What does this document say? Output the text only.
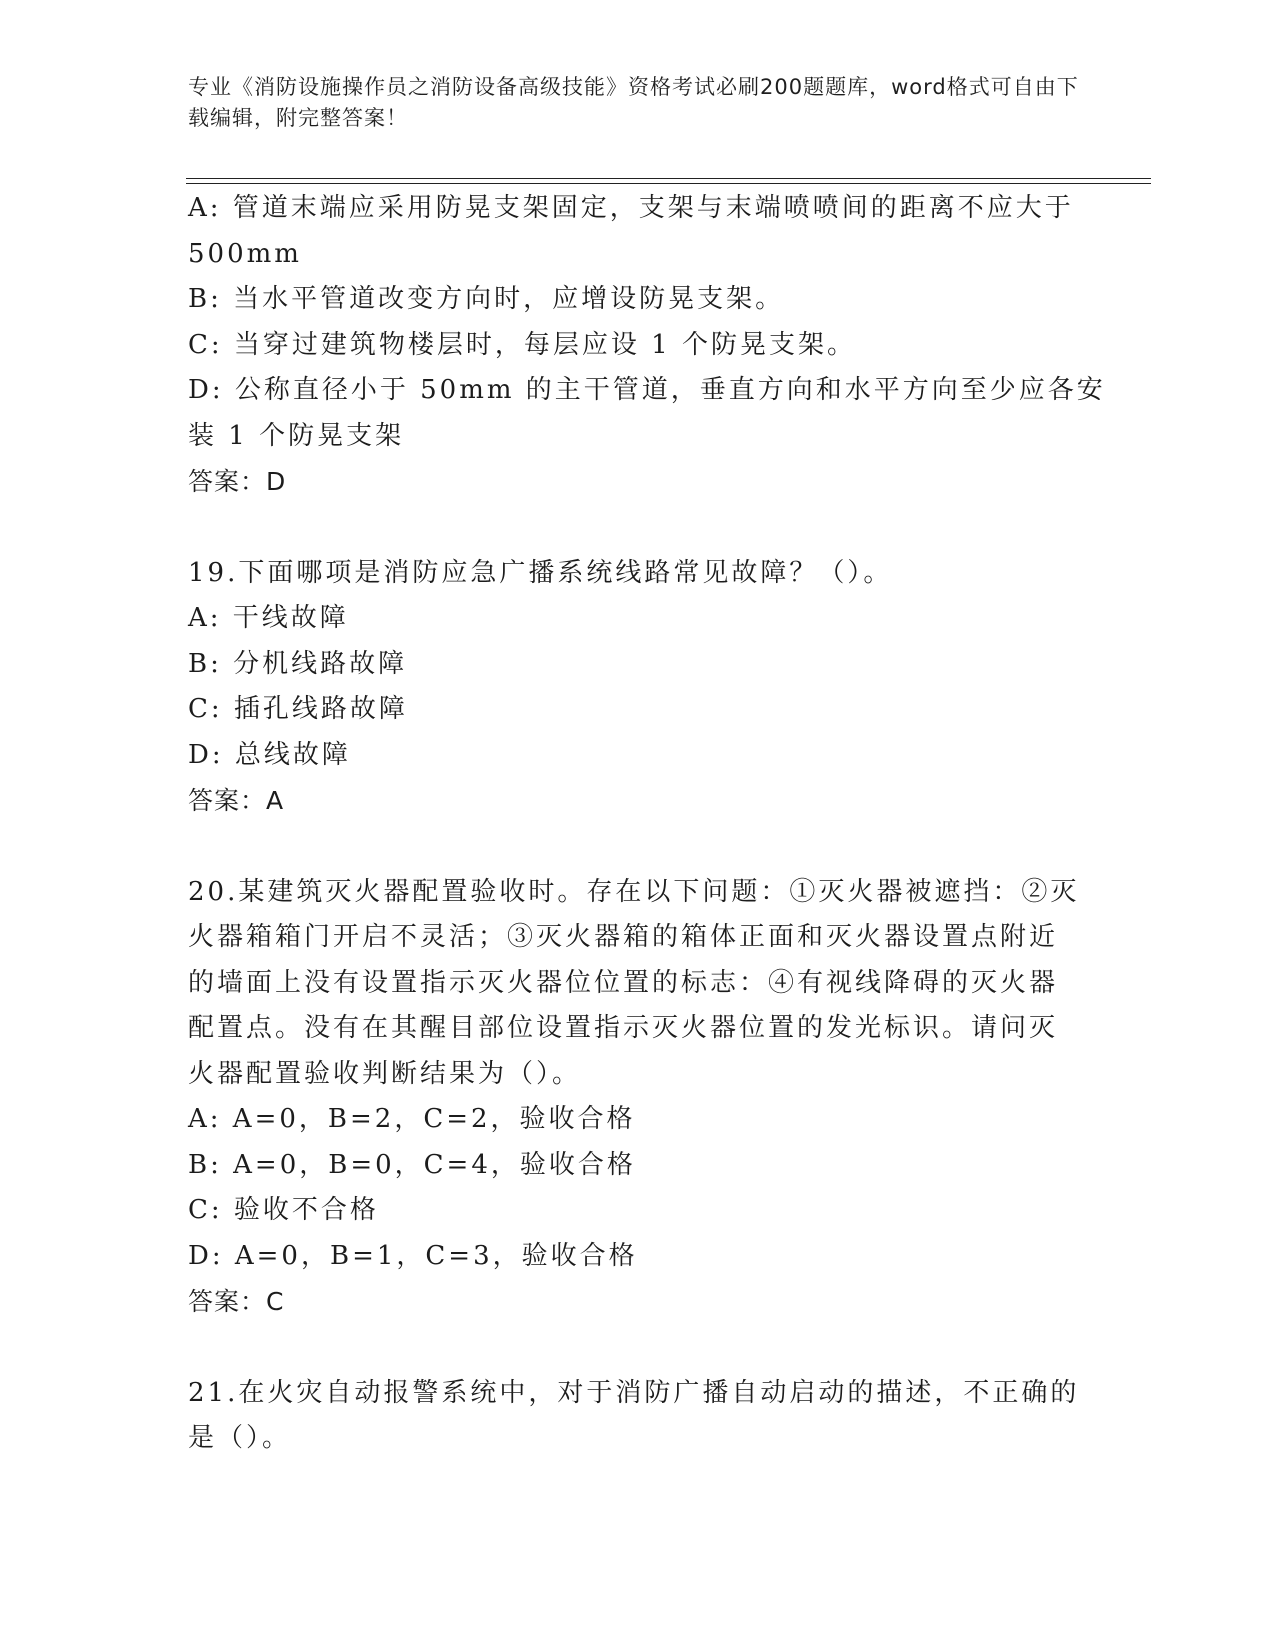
专业《消防设施操作员之消防设备高级技能》资格考试必刷200题题库，word格式可自由下载编辑，附完整答案！
A: 管道末端应采用防晃支架固定，支架与末端喷喷间的距离不应大于
500mm
B: 当水平管道改变方向时，应增设防晃支架。
C: 当穿过建筑物楼层时，每层应设 1 个防晃支架。
D: 公称直径小于 50mm 的主干管道，垂直方向和水平方向至少应各安
装 1 个防晃支架
答案：D
19.下面哪项是消防应急广播系统线路常见故障？（）。
A: 干线故障
B: 分机线路故障
C: 插孔线路故障
D: 总线故障
答案：A
20.某建筑灭火器配置验收时。存在以下问题：①灭火器被遮挡：②灭
火器箱箱门开启不灵活；③灭火器箱的箱体正面和灭火器设置点附近
的墙面上没有设置指示灭火器位位置的标志：④有视线降碍的灭火器
配置点。没有在其醒目部位设置指示灭火器位置的发光标识。请问灭
火器配置验收判断结果为（）。
A: A=0，B=2，C=2，验收合格
B: A=0，B=0，C=4，验收合格
C: 验收不合格
D: A=0，B=1，C=3，验收合格
答案：C
21.在火灾自动报警系统中，对于消防广播自动启动的描述，不正确的
是（）。
